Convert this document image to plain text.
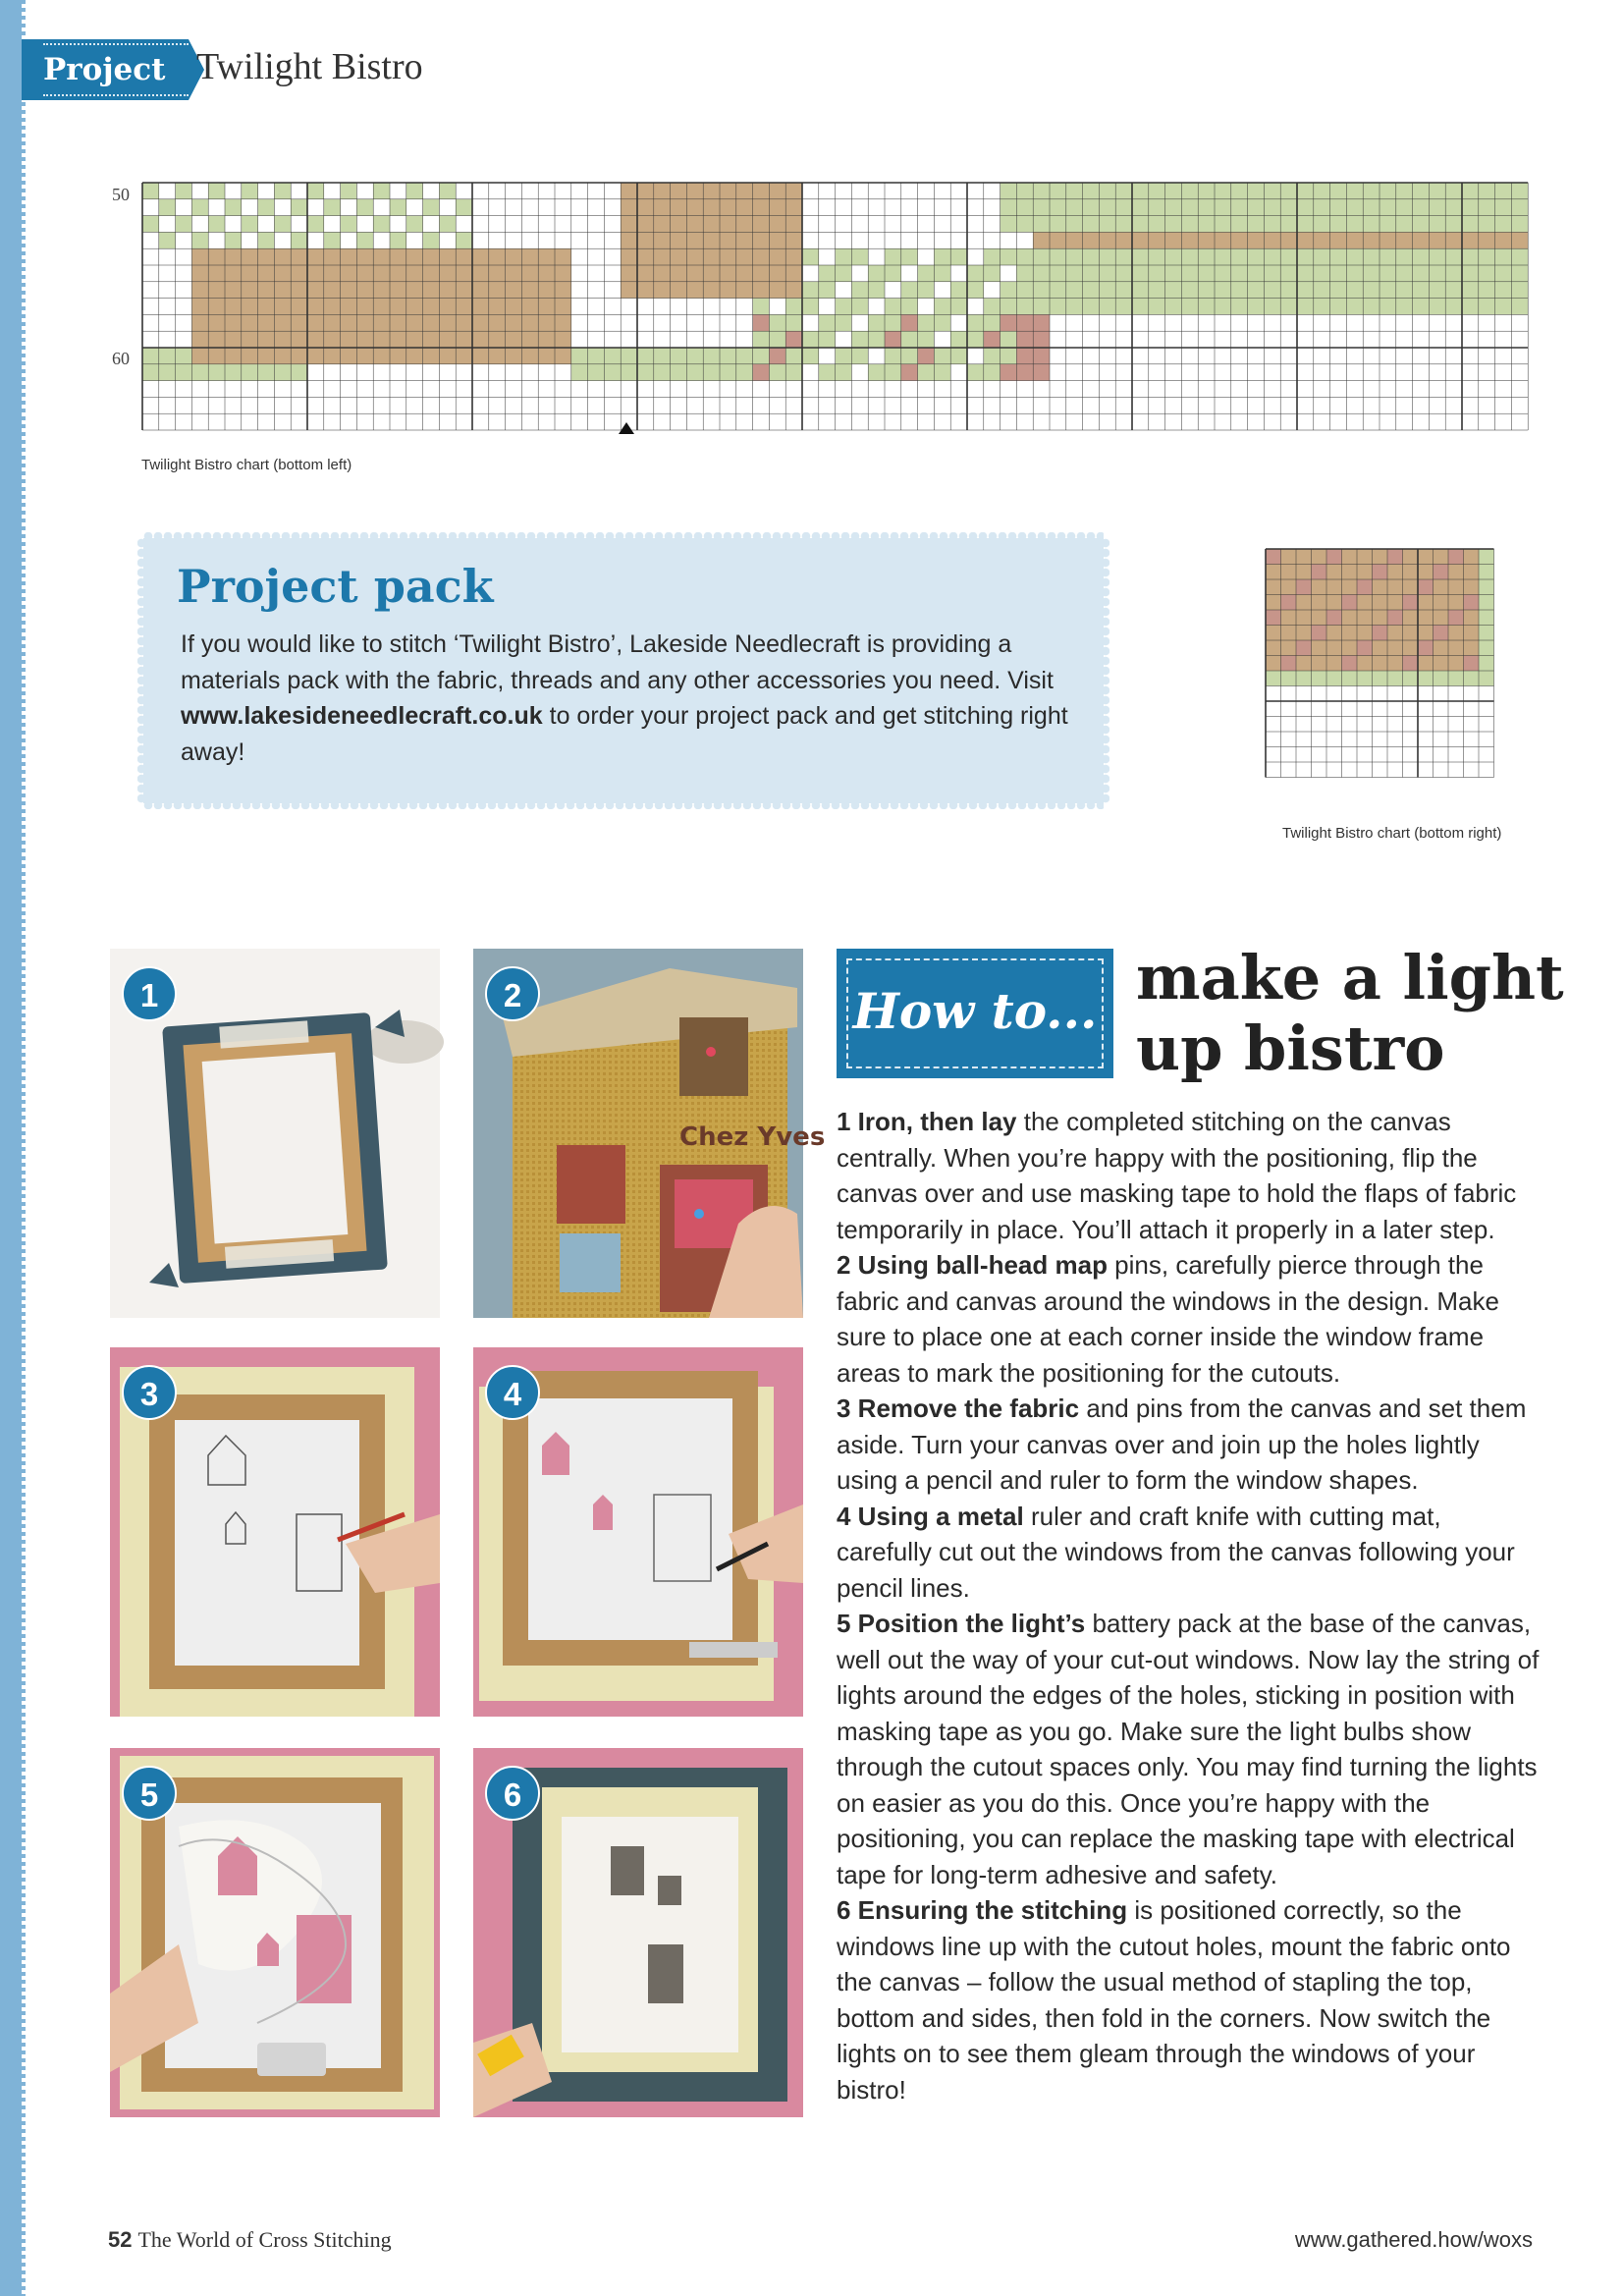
Project Twilight Bistro
50
60
Twilight Bistro chart (bottom left)
Twilight Bistro chart (bottom right)
Project pack

If you would like to stitch ‘Twilight Bistro’, Lakeside Needlecraft is providing a materials pack with the fabric, threads and any other accessories you need. Visit www.lakesideneedlecraft.co.uk to order your project pack and get stitching right away!

1
Chez Yves
2
3	4
5	6
How to... make a light up bistro

1 Iron, then lay the completed stitching on the canvas centrally. When you’re happy with the positioning, flip the canvas over and use masking tape to hold the flaps of fabric temporarily in place. You’ll attach it properly in a later step.

2 Using ball-head map pins, carefully pierce through the fabric and canvas around the windows in the design. Make sure to place one at each corner inside the window frame areas to mark the positioning for the cutouts.

3 Remove the fabric and pins from the canvas and set them aside. Turn your canvas over and join up the holes lightly using a pencil and ruler to form the window shapes.

4 Using a metal ruler and craft knife with cutting mat, carefully cut out the windows from the canvas following your pencil lines.

5 Position the light’s battery pack at the base of the canvas, well out the way of your cut-out windows. Now lay the string of lights around the edges of the holes, sticking in position with masking tape as you go. Make sure the light bulbs show through the cutout spaces only. You may find turning the lights on easier as you do this. Once you’re happy with the positioning, you can replace the masking tape with electrical tape for long-term adhesive and safety.

6 Ensuring the stitching is positioned correctly, so the windows line up with the cutout holes, mount the fabric onto the canvas – follow the usual method of stapling the top, bottom and sides, then fold in the corners. Now switch the lights on to see them gleam through the windows of your bistro!

52 The World of Cross Stitching	www.gathered.how/woxs
